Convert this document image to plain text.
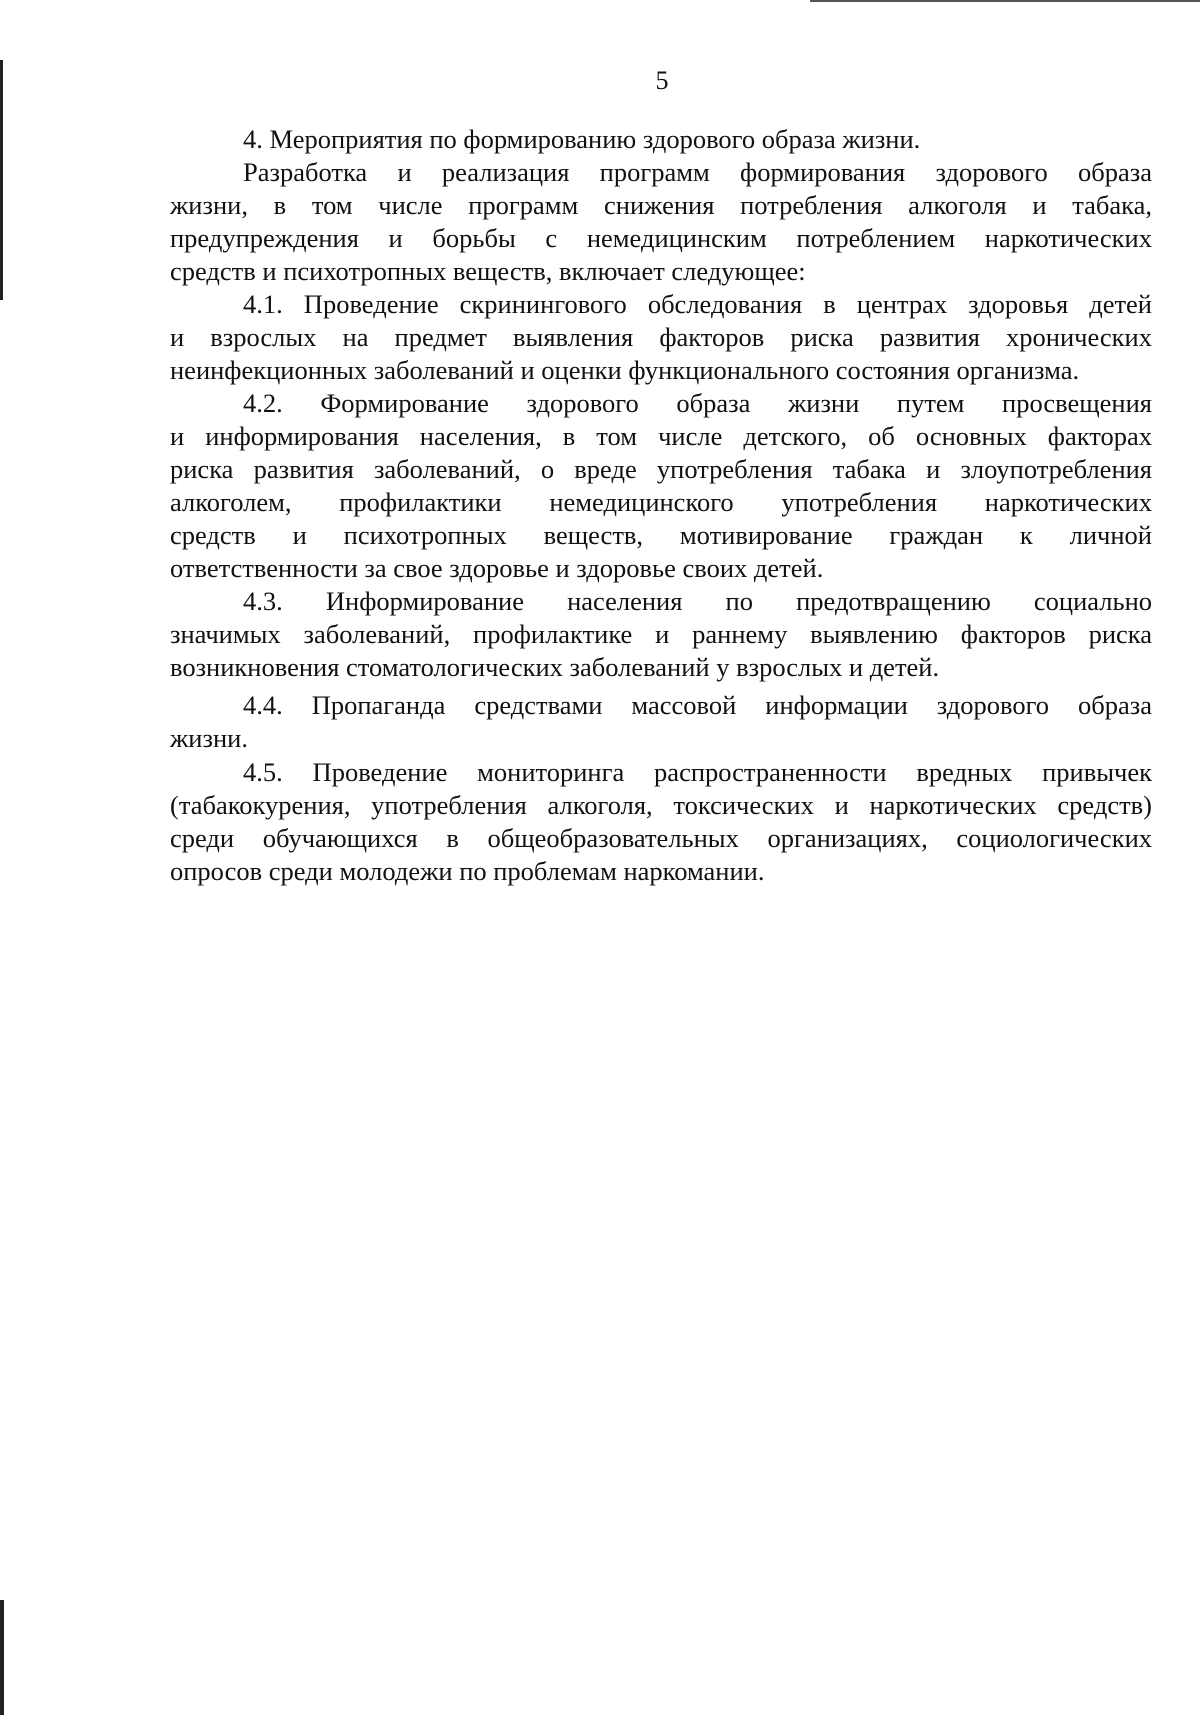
5
4. Мероприятия по формированию здорового образа жизни.
Разработка и реализация программ формирования здорового образа
жизни, в том числе программ снижения потребления алкоголя и табака,
предупреждения и борьбы с немедицинским потреблением наркотических
средств и психотропных веществ, включает следующее:
4.1. Проведение скринингового обследования в центрах здоровья детей
и взрослых на предмет выявления факторов риска развития хронических
неинфекционных заболеваний и оценки функционального состояния организма.
4.2. Формирование здорового образа жизни путем просвещения
и информирования населения, в том числе детского, об основных факторах
риска развития заболеваний, о вреде употребления табака и злоупотребления
алкоголем, профилактики немедицинского употребления наркотических
средств и психотропных веществ, мотивирование граждан к личной
ответственности за свое здоровье и здоровье своих детей.
4.3. Информирование населения по предотвращению социально
значимых заболеваний, профилактике и раннему выявлению факторов риска
возникновения стоматологических заболеваний у взрослых и детей.
4.4. Пропаганда средствами массовой информации здорового образа
жизни.
4.5. Проведение мониторинга распространенности вредных привычек
(табакокурения, употребления алкоголя, токсических и наркотических средств)
среди обучающихся в общеобразовательных организациях, социологических
опросов среди молодежи по проблемам наркомании.
